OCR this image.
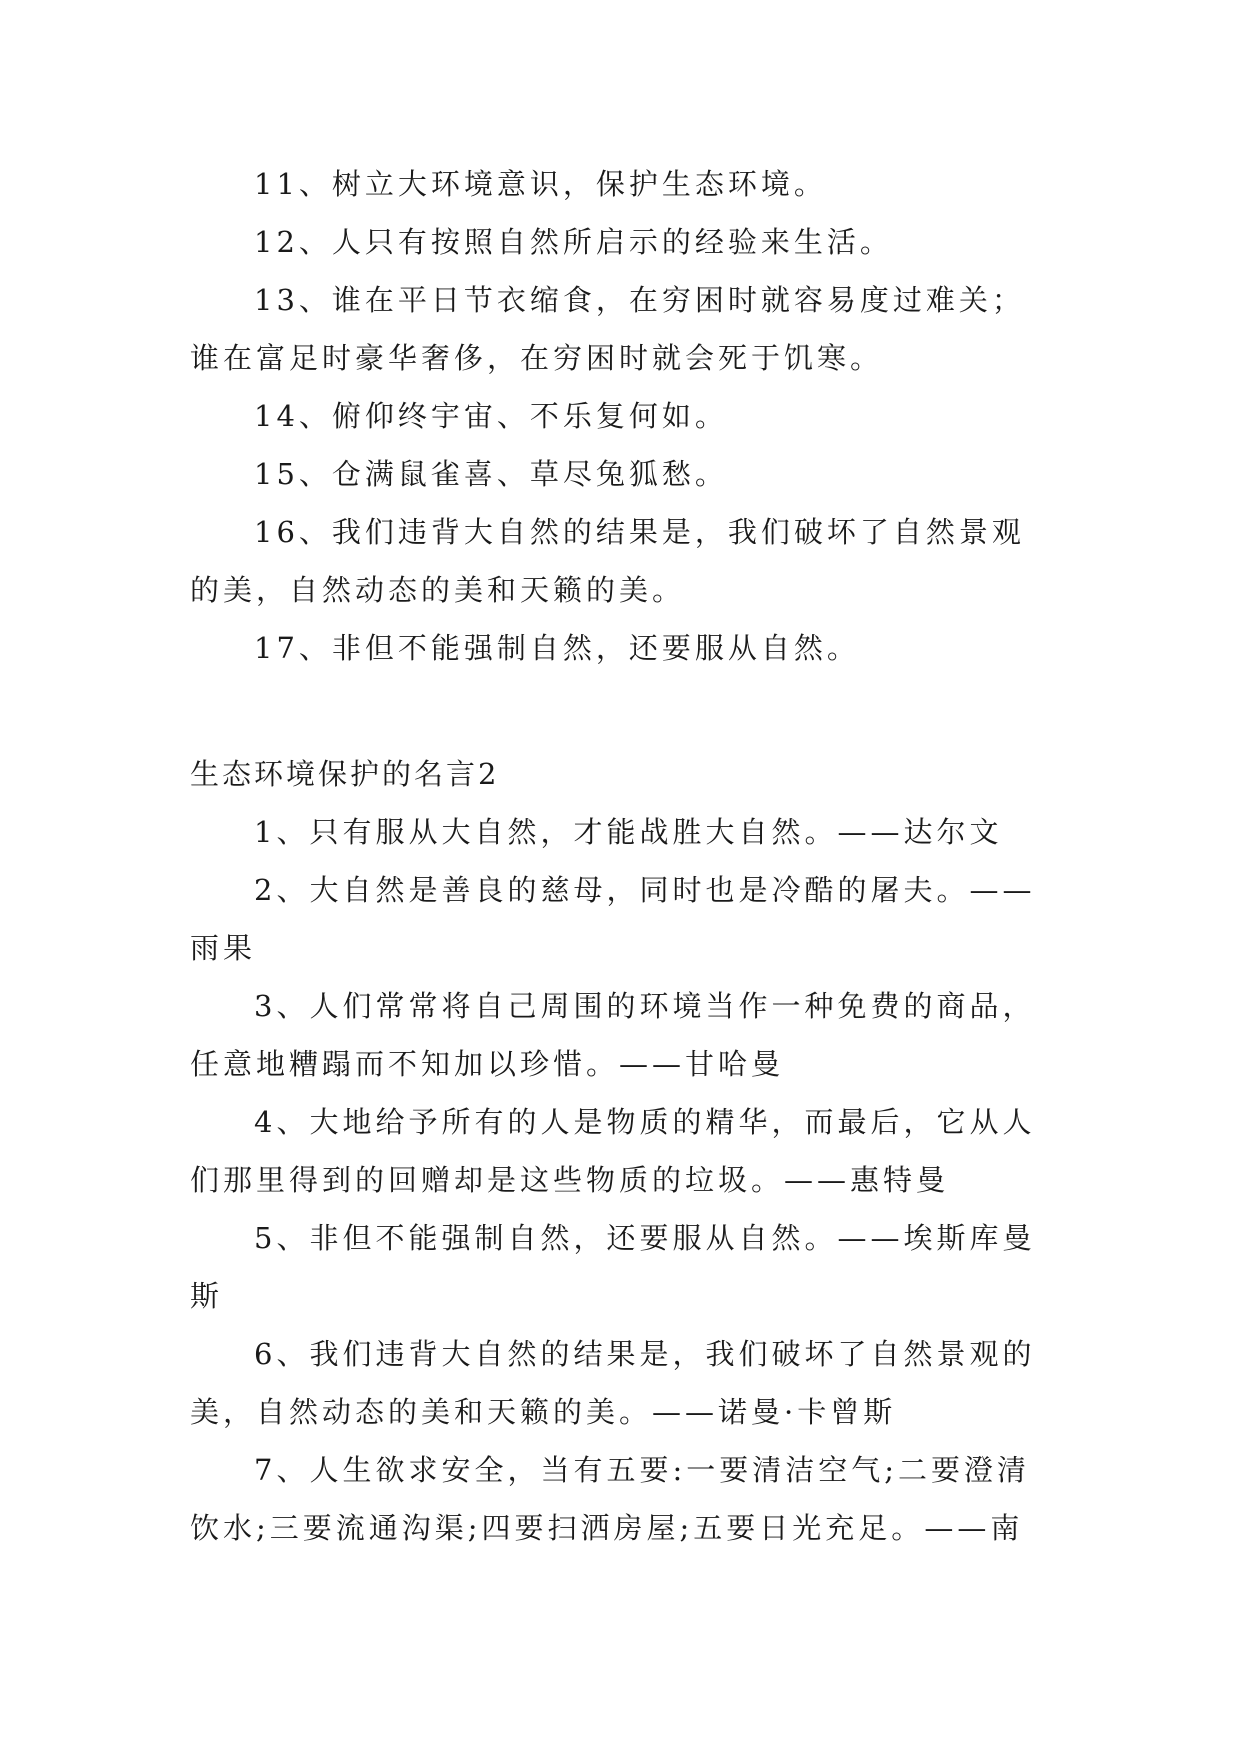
11、树立大环境意识，保护生态环境。

12、人只有按照自然所启示的经验来生活。

13、谁在平日节衣缩食，在穷困时就容易度过难关；谁在富足时豪华奢侈，在穷困时就会死于饥寒。

14、俯仰终宇宙、不乐复何如。

15、仓满鼠雀喜、草尽兔狐愁。

16、我们违背大自然的结果是，我们破坏了自然景观的美，自然动态的美和天籁的美。

17、非但不能强制自然，还要服从自然。

生态环境保护的名言2

1、只有服从大自然，才能战胜大自然。——达尔文

2、大自然是善良的慈母，同时也是冷酷的屠夫。——雨果

3、人们常常将自己周围的环境当作一种免费的商品，任意地糟蹋而不知加以珍惜。——甘哈曼

4、大地给予所有的人是物质的精华，而最后，它从人们那里得到的回赠却是这些物质的垃圾。——惠特曼

5、非但不能强制自然，还要服从自然。——埃斯库曼斯

6、我们违背大自然的结果是，我们破坏了自然景观的美，自然动态的美和天籁的美。——诺曼·卡曾斯

7、人生欲求安全，当有五要:一要清洁空气;二要澄清饮水;三要流通沟渠;四要扫洒房屋;五要日光充足。——南
